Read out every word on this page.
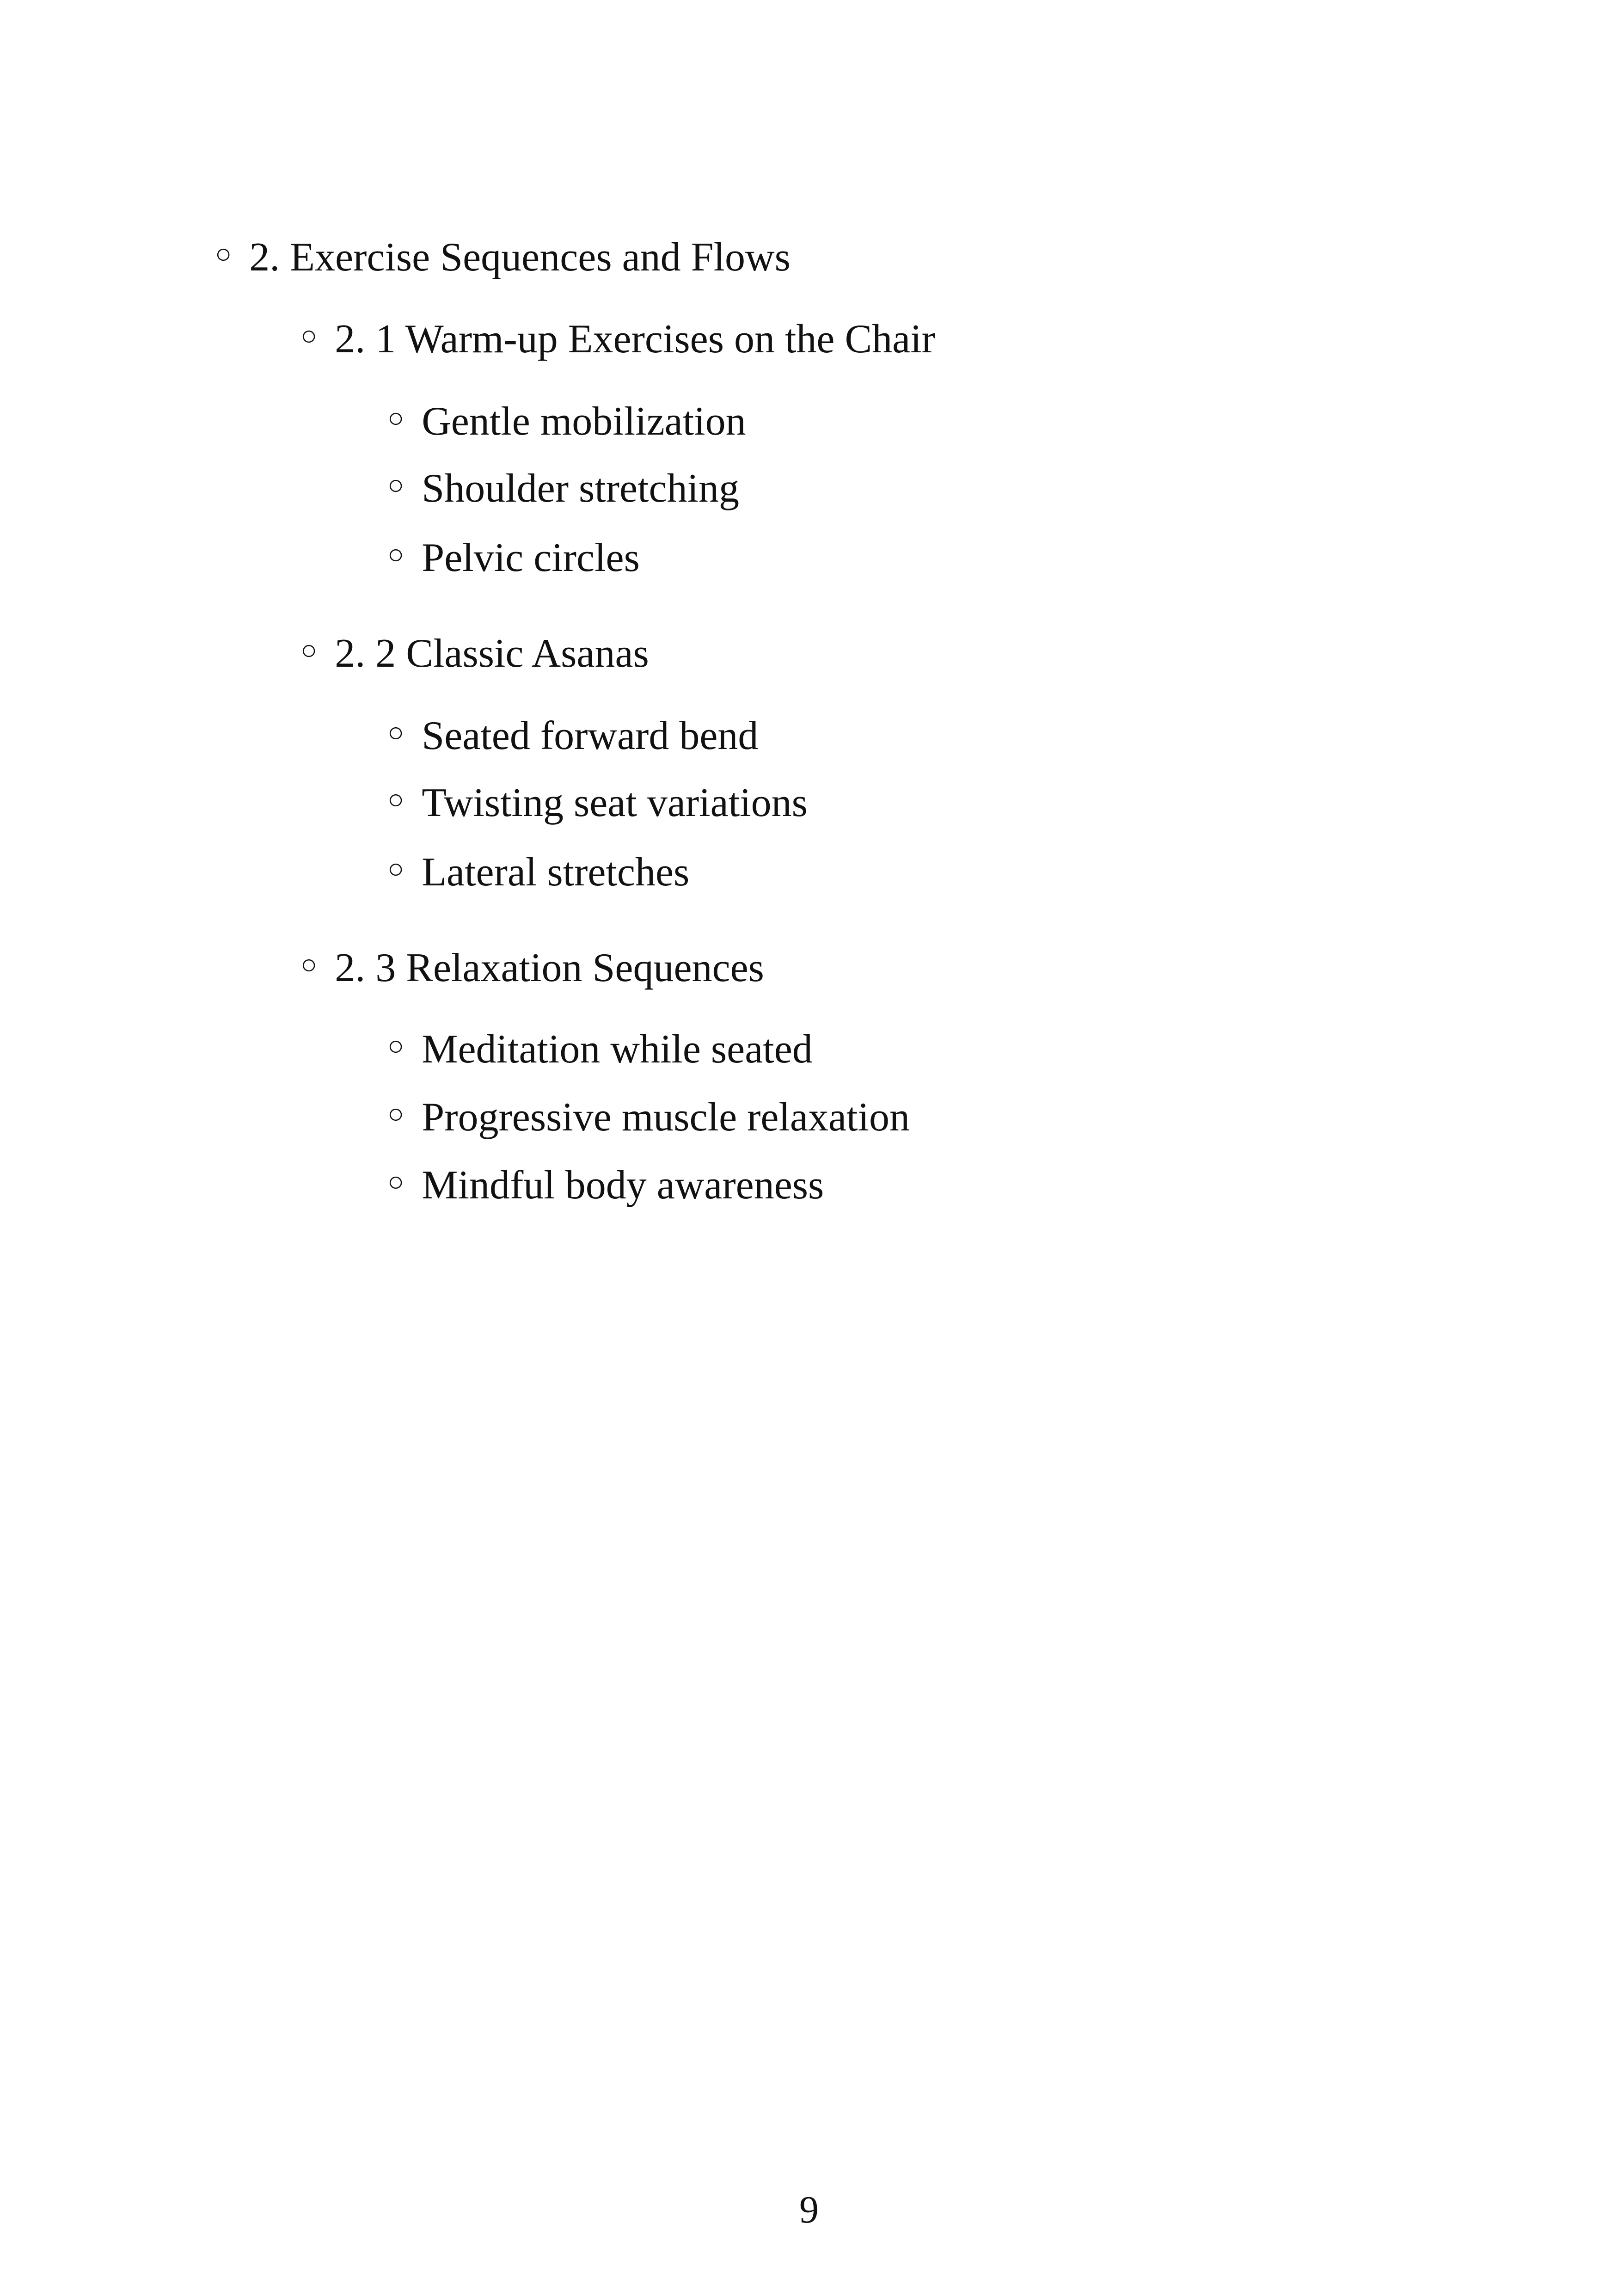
○ 2. Exercise Sequences and Flows
○ 2. 1 Warm-up Exercises on the Chair
○ Gentle mobilization
○ Shoulder stretching
○ Pelvic circles
○ 2. 2 Classic Asanas
○ Seated forward bend
○ Twisting seat variations
○ Lateral stretches
○ 2. 3 Relaxation Sequences
○ Meditation while seated
○ Progressive muscle relaxation
○ Mindful body awareness
9
